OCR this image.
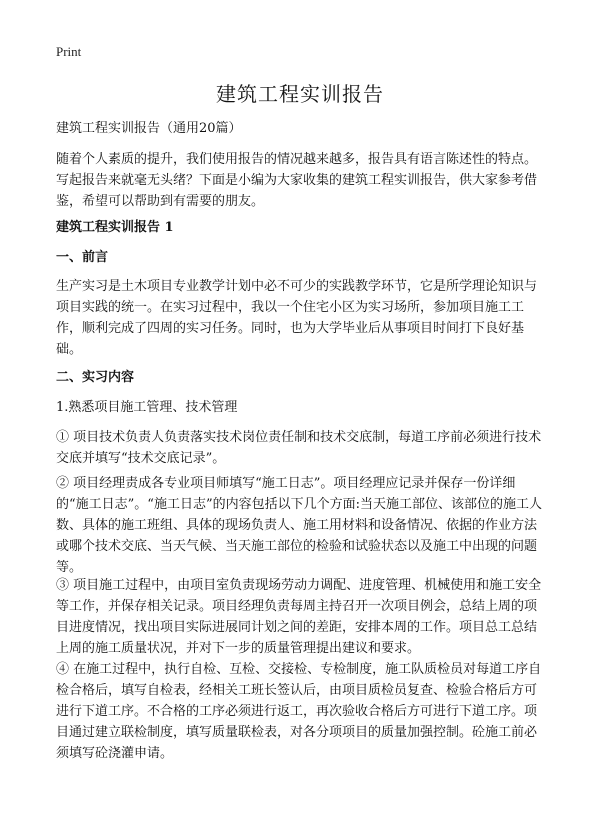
Print
建筑工程实训报告
建筑工程实训报告（通用20篇）
随着个人素质的提升，我们使用报告的情况越来越多，报告具有语言陈述性的特点。写起报告来就毫无头绪？下面是小编为大家收集的建筑工程实训报告，供大家参考借鉴，希望可以帮助到有需要的朋友。
建筑工程实训报告 1
一、前言
生产实习是土木项目专业教学计划中必不可少的实践教学环节，它是所学理论知识与项目实践的统一。在实习过程中，我以一个住宅小区为实习场所，参加项目施工工作，顺利完成了四周的实习任务。同时，也为大学毕业后从事项目时间打下良好基础。
二、实习内容
1.熟悉项目施工管理、技术管理
① 项目技术负责人负责落实技术岗位责任制和技术交底制，每道工序前必须进行技术交底并填写“技术交底记录”。
② 项目经理责成各专业项目师填写“施工日志”。项目经理应记录并保存一份详细的“施工日志”。“施工日志”的内容包括以下几个方面:当天施工部位、该部位的施工人数、具体的施工班组、具体的现场负责人、施工用材料和设备情况、依据的作业方法或哪个技术交底、当天气候、当天施工部位的检验和试验状态以及施工中出现的问题等。
③ 项目施工过程中，由项目室负责现场劳动力调配、进度管理、机械使用和施工安全等工作，并保存相关记录。项目经理负责每周主持召开一次项目例会，总结上周的项目进度情况，找出项目实际进展同计划之间的差距，安排本周的工作。项目总工总结上周的施工质量状况，并对下一步的质量管理提出建议和要求。
④ 在施工过程中，执行自检、互检、交接检、专检制度，施工队质检员对每道工序自检合格后，填写自检表，经相关工班长签认后，由项目质检员复查、检验合格后方可进行下道工序。不合格的工序必须进行返工，再次验收合格后方可进行下道工序。项目通过建立联检制度，填写质量联检表，对各分项项目的质量加强控制。砼施工前必须填写砼浇灌申请。
